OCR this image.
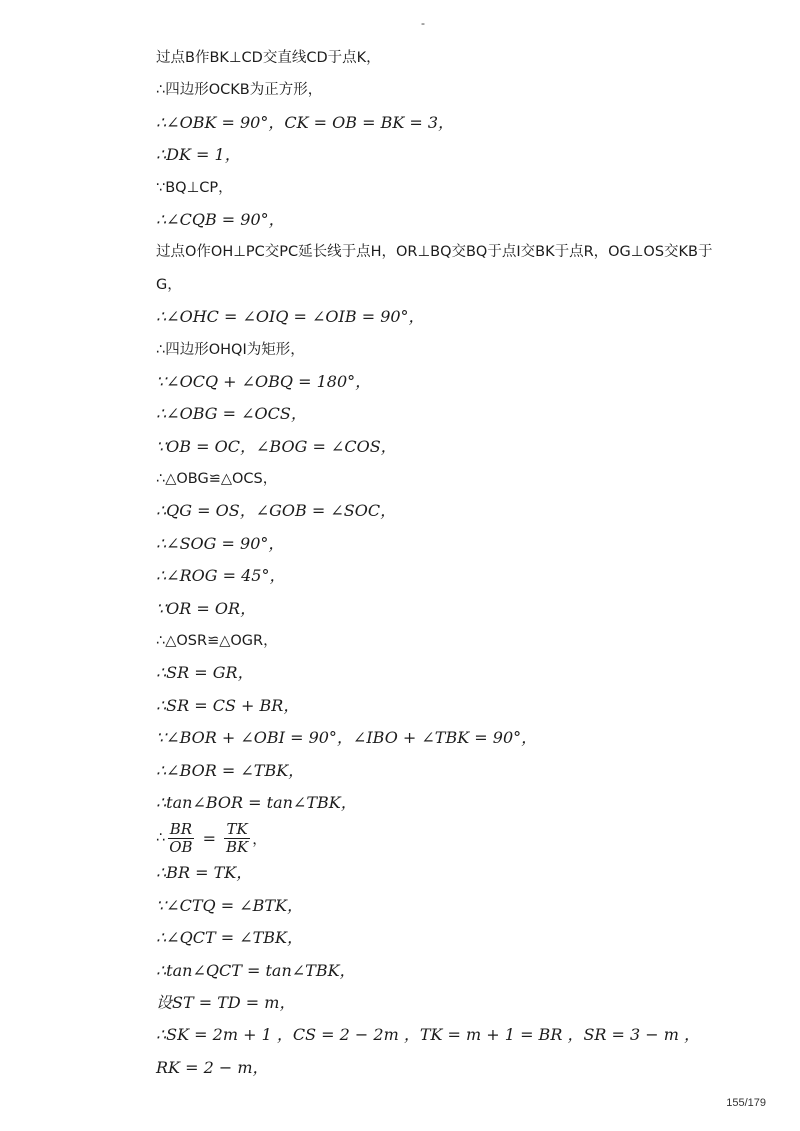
-
过点B作BK⊥CD交直线CD于点K，
∴四边形OCKB为正方形，
∴∠OBK = 90°，CK = OB = BK = 3，
∴DK = 1，
∵BQ⊥CP，
∴∠CQB = 90°，
过点O作OH⊥PC交PC延长线于点H，OR⊥BQ交BQ于点I交BK于点R，OG⊥OS交KB于
G，
∴∠OHC = ∠OIQ = ∠OIB = 90°，
∴四边形OHQI为矩形，
∵∠OCQ + ∠OBQ = 180°，
∴∠OBG = ∠OCS，
∵OB = OC，∠BOG = ∠COS，
∴△OBG≌△OCS，
∴QG = OS，∠GOB = ∠SOC，
∴∠SOG = 90°，
∴∠ROG = 45°，
∵OR = OR，
∴△OSR≌△OGR，
∴SR = GR，
∴SR = CS + BR，
∵∠BOR + ∠OBI = 90°，∠IBO + ∠TBK = 90°，
∴∠BOR = ∠TBK，
∴tan∠BOR = tan∠TBK，
∴ $\frac{BR}{OB} = \frac{TK}{BK}$ ，
∴BR = TK，
∵∠CTQ = ∠BTK，
∴∠QCT = ∠TBK，
∴tan∠QCT = tan∠TBK，
设ST = TD = m，
∴SK = 2m + 1 ，CS = 2 − 2m ，TK = m + 1 = BR ，SR = 3 − m ，
RK = 2 − m，
155/179
